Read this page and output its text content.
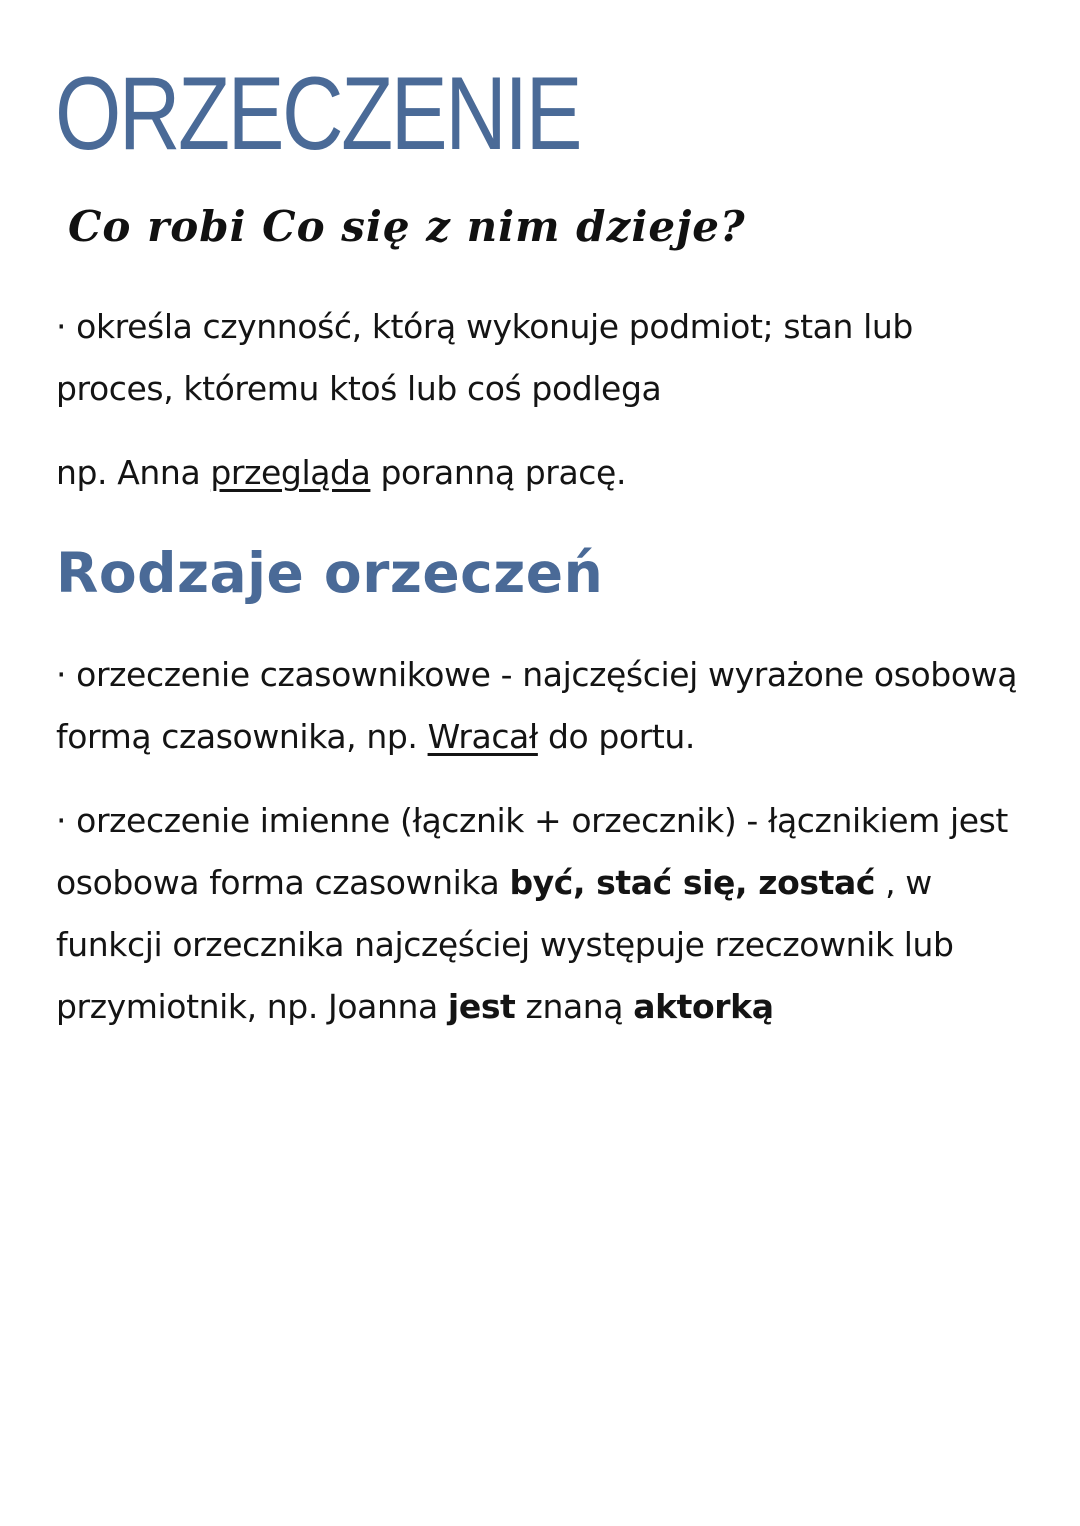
ORZECZENIE
Co robi Co się z nim dzieje?

· określa czynność, którą wykonuje podmiot; stan lub proces, któremu ktoś lub coś podlega

np. Anna przegląda poranną pracę.

Rodzaje orzeczeń

· orzeczenie czasownikowe - najczęściej wyrażone osobową formą czasownika, np. Wracał do portu.

· orzeczenie imienne (łącznik + orzecznik) - łącznikiem jest osobowa forma czasownika być, stać się, zostać , w funkcji orzecznika najczęściej występuje rzeczownik lub przymiotnik, np. Joanna jest znaną aktorką
